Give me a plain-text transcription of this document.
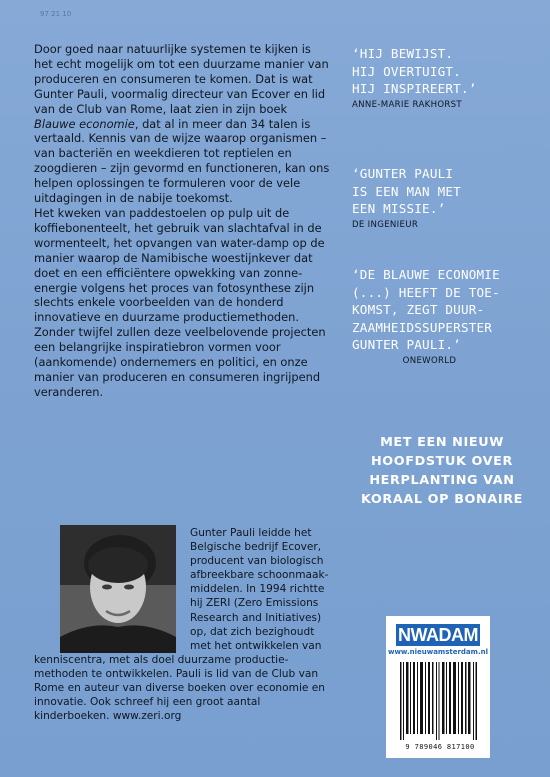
97 21 10

Door goed naar natuurlijke systemen te kijken is het echt mogelijk om tot een duurzame manier van produceren en consumeren te komen. Dat is wat Gunter Pauli, voormalig directeur van Ecover en lid van de Club van Rome, laat zien in zijn boek Blauwe economie, dat al in meer dan 34 talen is vertaald. Kennis van de wijze waarop organismen – van bacteriën en weekdieren tot reptielen en zoogdieren – zijn gevormd en functioneren, kan ons helpen oplossingen te formuleren voor de vele uitdagingen in de nabije toekomst.

Het kweken van paddestoelen op pulp uit de koffiebonenteelt, het gebruik van slachtafval in de wormenteelt, het opvangen van water-damp op de manier waarop de Namibische woestijnkever dat doet en een efficiëntere opwekking van zonne-energie volgens het proces van fotosynthese zijn slechts enkele voorbeelden van de honderd innovatieve en duurzame productiemethoden.

Zonder twijfel zullen deze veelbelovende projecten een belangrijke inspiratiebron vormen voor (aankomende) ondernemers en politici, en onze manier van produceren en consumeren ingrijpend veranderen.

‘HIJ BEWIJST.
HIJ OVERTUIGT.
HIJ INSPIREERT.’
ANNE-MARIE RAKHORST
‘GUNTER PAULI
IS EEN MAN MET
EEN MISSIE.’
DE INGENIEUR
‘DE BLAUWE ECONOMIE
(...) HEEFT DE TOE-
KOMST, ZEGT DUUR-
ZAAMHEIDSSUPERSTER
GUNTER PAULI.’
ONEWORLD
MET EEN NIEUW
HOOFDSTUK OVER
HERPLANTING VAN
KORAAL OP BONAIRE
Gunter Pauli leidde het Belgische bedrijf Ecover, producent van biologisch afbreekbare schoonmaak-middelen. In 1994 richtte hij ZERI (Zero Emissions Research and Initiatives) op, dat zich bezighoudt met het ontwikkelen van
kenniscentra, met als doel duurzame productie-methoden te ontwikkelen. Pauli is lid van de Club van Rome en auteur van diverse boeken over economie en innovatie. Ook schreef hij een groot aantal kinderboeken. www.zeri.org
NWADAM
www.nieuwamsterdam.nl
9 789046 817100
